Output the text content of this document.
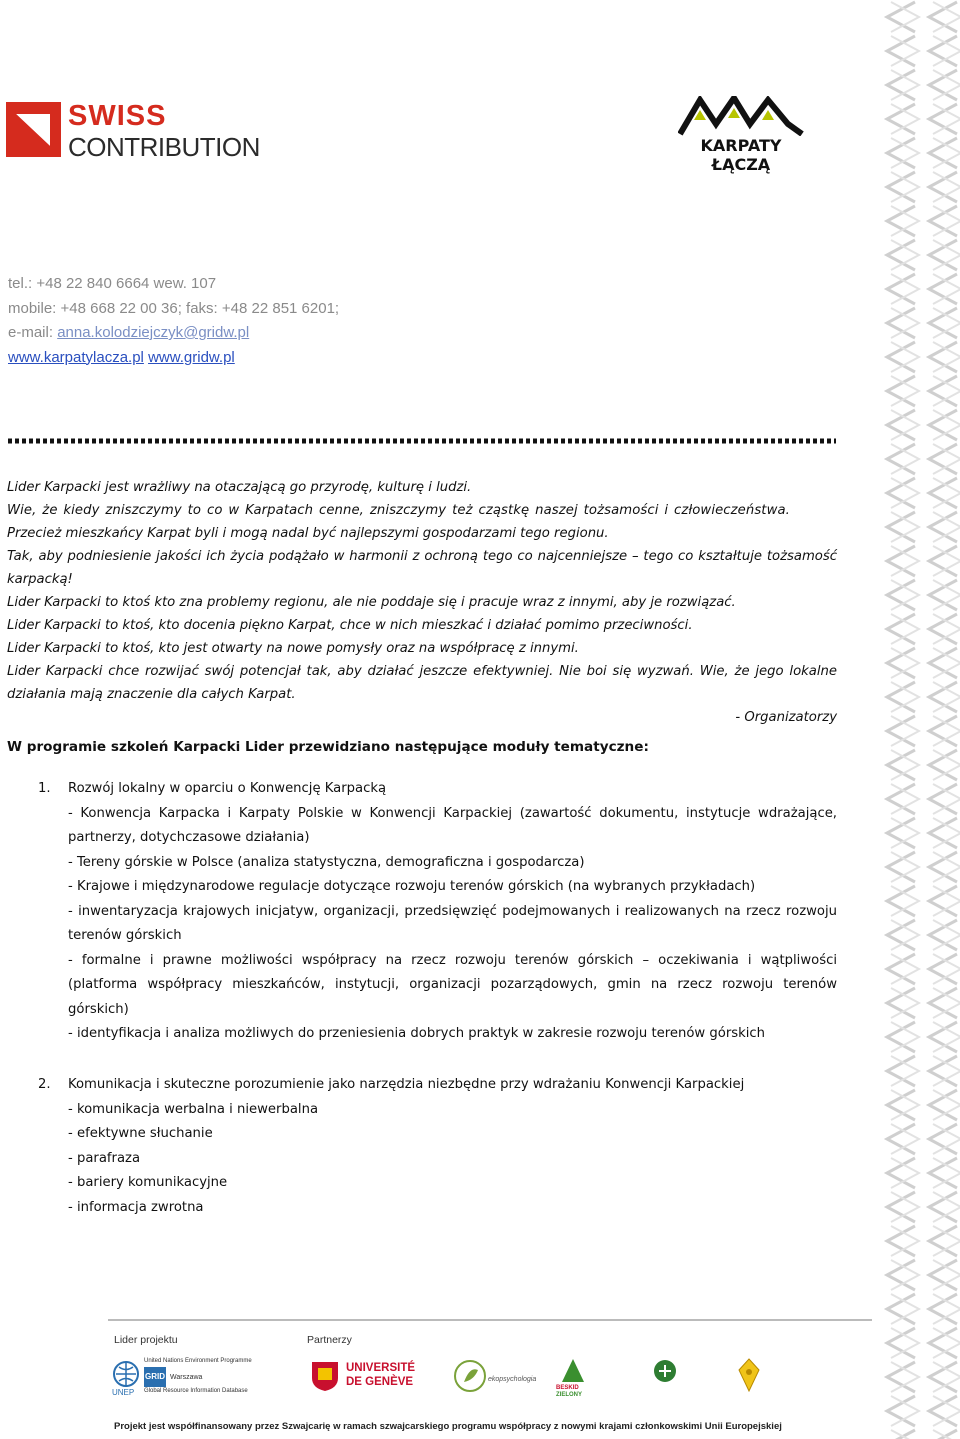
SWISS
CONTRIBUTION	KARPATY ŁĄCZĄ
tel.: +48 22 840 6664 wew. 107
mobile: +48 668 22 00 36; faks: +48 22 851 6201;
e-mail: anna.kolodziejczyk@gridw.pl
www.karpatylacza.pl www.gridw.pl
Lider Karpacki jest wrażliwy na otaczającą go przyrodę, kulturę i ludzi.
Wie, że kiedy zniszczymy to co w Karpatach cenne, zniszczymy też cząstkę naszej tożsamości i człowieczeństwa.
Przecież mieszkańcy Karpat byli i mogą nadal być najlepszymi gospodarzami tego regionu.
Tak, aby podniesienie jakości ich życia podążało w harmonii z ochroną tego co najcenniejsze – tego co kształtuje tożsamość karpacką!
Lider Karpacki to ktoś kto zna problemy regionu, ale nie poddaje się i pracuje wraz z innymi, aby je rozwiązać.
Lider Karpacki to ktoś, kto docenia piękno Karpat, chce w nich mieszkać i działać pomimo przeciwności.
Lider Karpacki to ktoś, kto jest otwarty na nowe pomysły oraz na współpracę z innymi.
Lider Karpacki chce rozwijać swój potencjał tak, aby działać jeszcze efektywniej. Nie boi się wyzwań. Wie, że jego lokalne działania mają znaczenie dla całych Karpat.
- Organizatorzy
W programie szkoleń Karpacki Lider przewidziano następujące moduły tematyczne:
1. Rozwój lokalny w oparciu o Konwencję Karpacką
- Konwencja Karpacka i Karpaty Polskie w Konwencji Karpackiej (zawartość dokumentu, instytucje wdrażające, partnerzy, dotychczasowe działania)
- Tereny górskie w Polsce (analiza statystyczna, demograficzna i gospodarcza)
- Krajowe i międzynarodowe regulacje dotyczące rozwoju terenów górskich (na wybranych przykładach)
- inwentaryzacja krajowych inicjatyw, organizacji, przedsięwzięć podejmowanych i realizowanych na rzecz rozwoju terenów górskich
- formalne i prawne możliwości współpracy na rzecz rozwoju terenów górskich – oczekiwania i wątpliwości (platforma współpracy mieszkańców, instytucji, organizacji pozarządowych, gmin na rzecz rozwoju terenów górskich)
- identyfikacja i analiza możliwych do przeniesienia dobrych praktyk w zakresie rozwoju terenów górskich
2. Komunikacja i skuteczne porozumienie jako narzędzia niezbędne przy wdrażaniu Konwencji Karpackiej
- komunikacja werbalna i niewerbalna
- efektywne słuchanie
- parafraza
- bariery komunikacyjne
- informacja zwrotna
Lider projektu	Partnerzy
UNEP
United Nations Environment Programme
GRID Warszawa
Global Resource Information Database
UNIVERSITÉ
DE GENÈVE	ekopsychologia
BESKID
ZIELONY
Projekt jest współfinansowany przez Szwajcarię w ramach szwajcarskiego programu współpracy z nowymi krajami członkowskimi Unii Europejskiej
